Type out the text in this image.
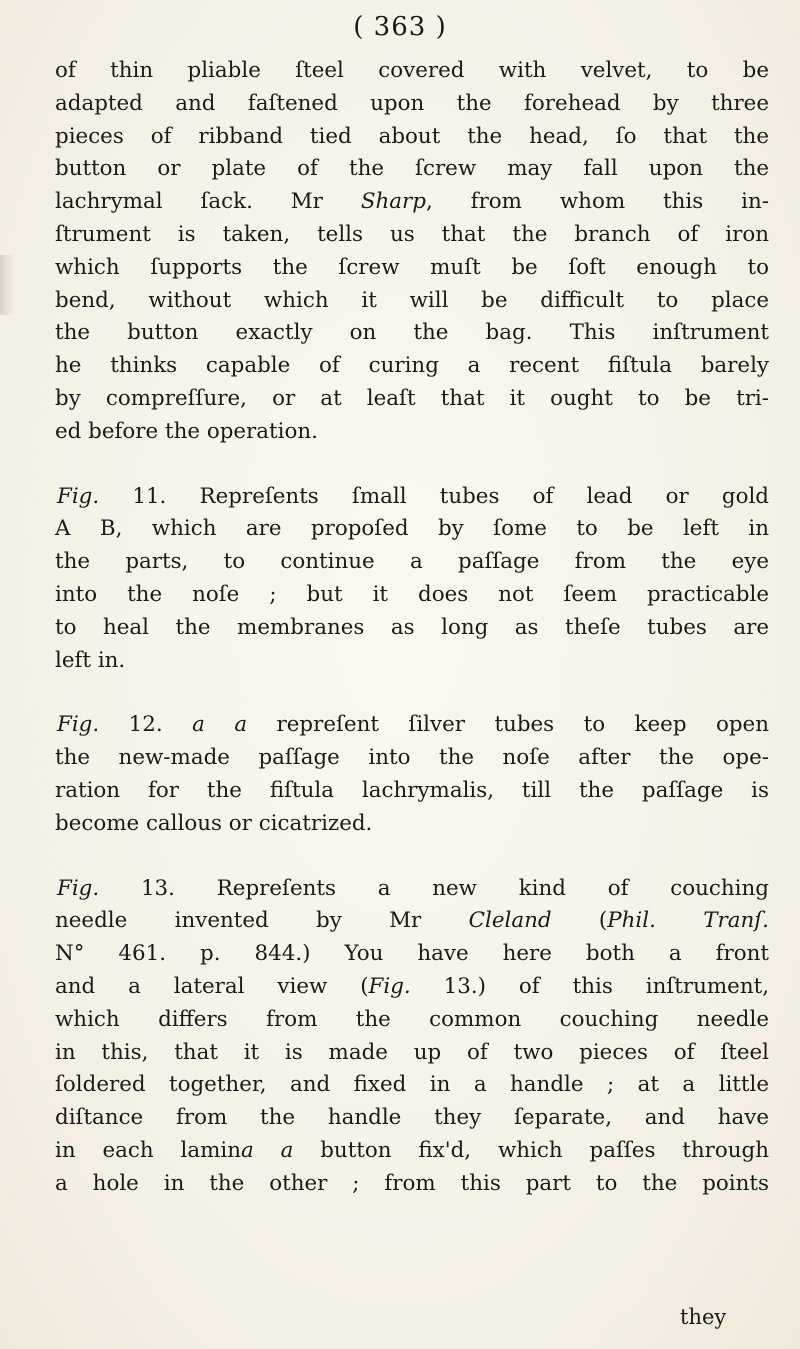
( 363 )
of thin pliable ſteel covered with velvet, to be
adapted and faſtened upon the forehead by three
pieces of ribband tied about the head, ſo that the
button or plate of the ſcrew may fall upon the
lachrymal ſack. Mr Sharp, from whom this in-
ſtrument is taken, tells us that the branch of iron
which ſupports the ſcrew muſt be ſoft enough to
bend, without which it will be difficult to place
the button exactly on the bag. This inſtrument
he thinks capable of curing a recent fiſtula barely
by compreſſure, or at leaſt that it ought to be tri-
ed before the operation.
Fig. 11. Repreſents ſmall tubes of lead or gold
A B, which are propoſed by ſome to be left in
the parts, to continue a paſſage from the eye
into the noſe ; but it does not ſeem practicable
to heal the membranes as long as theſe tubes are
left in.
Fig. 12. a a repreſent ſilver tubes to keep open
the new-made paſſage into the noſe after the ope-
ration for the fiſtula lachrymalis, till the paſſage is
become callous or cicatrized.
Fig. 13. Repreſents a new kind of couching
needle invented by Mr Cleland (Phil. Tranſ.
N° 461. p. 844.) You have here both a front
and a lateral view (Fig. 13.) of this inſtrument,
which differs from the common couching needle
in this, that it is made up of two pieces of ſteel
ſoldered together, and fixed in a handle ; at a little
diſtance from the handle they ſeparate, and have
in each lamina a button fix'd, which paſſes through
a hole in the other ; from this part to the points
they
